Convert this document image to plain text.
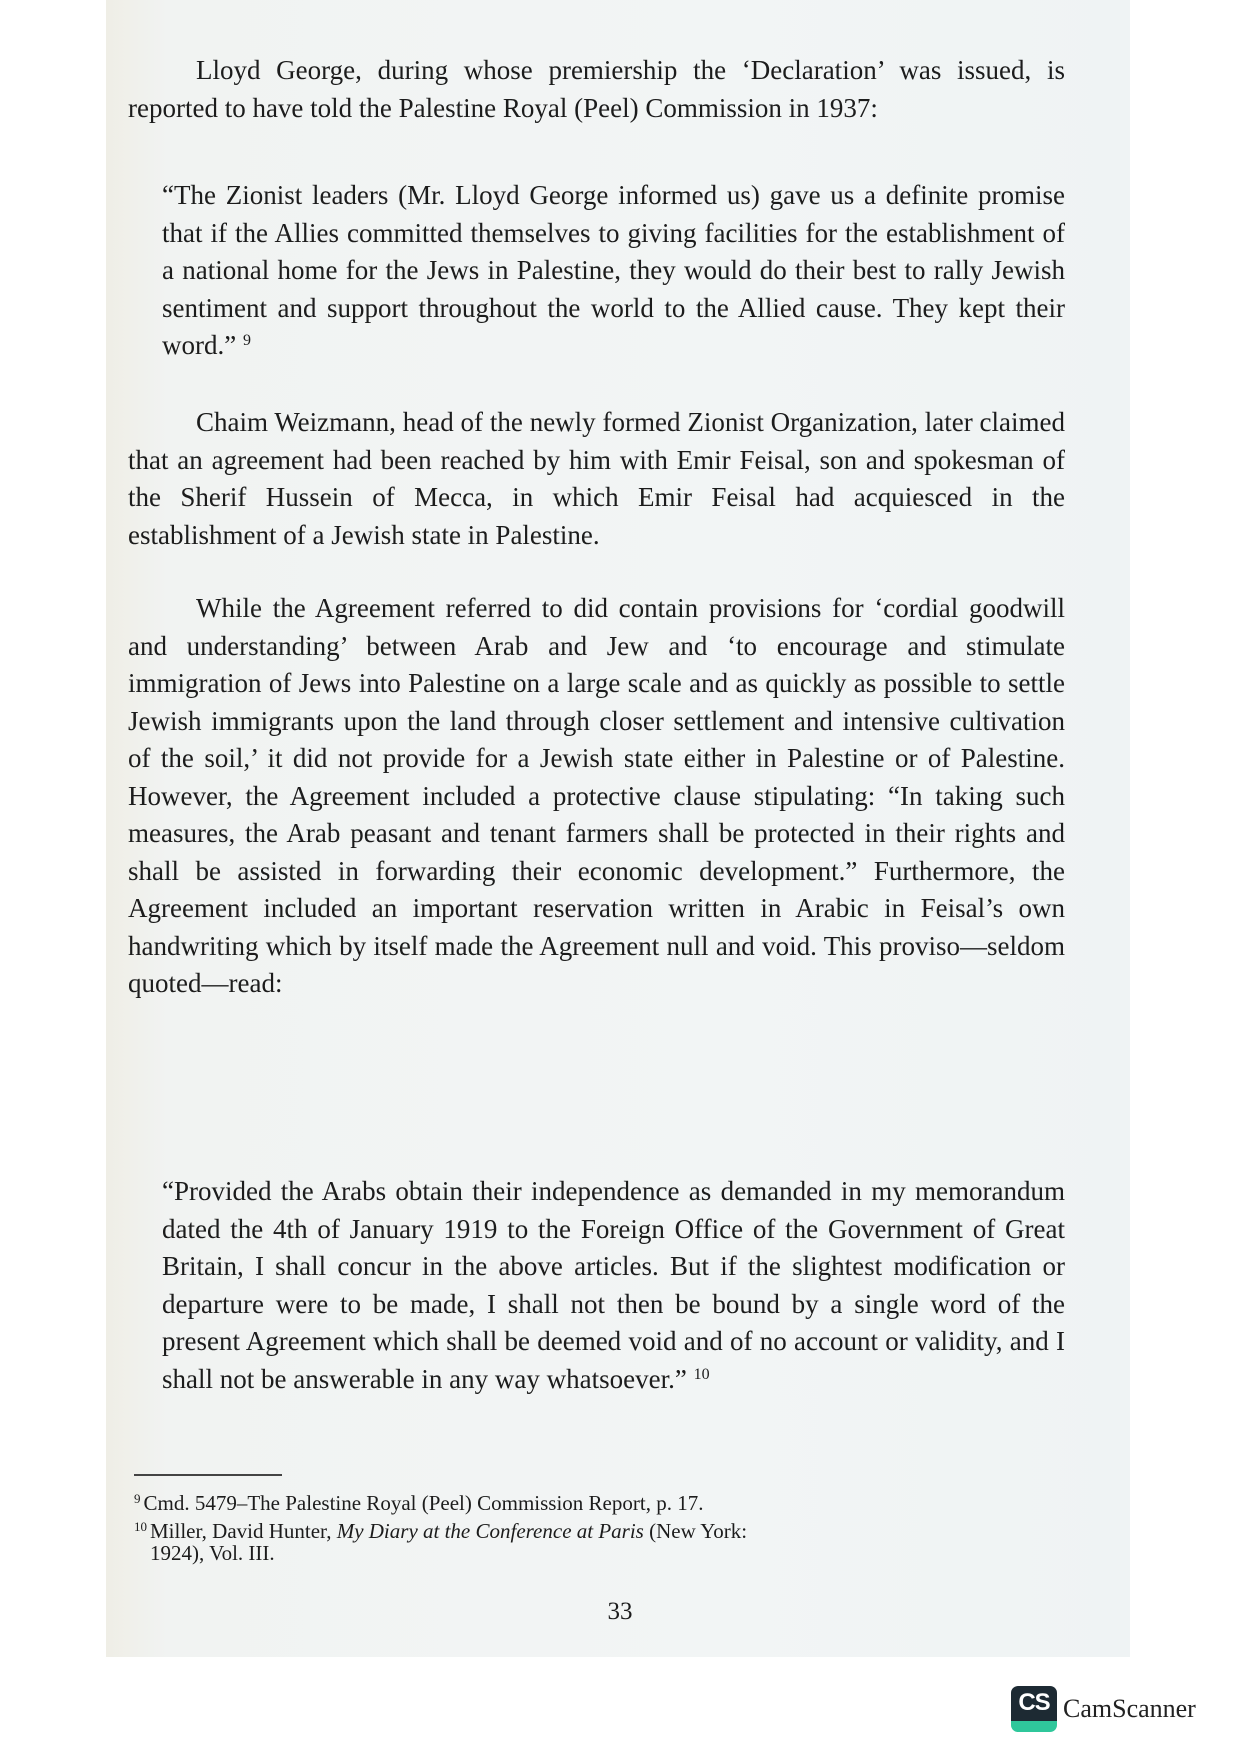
Lloyd George, during whose premiership the ‘Declaration’ was issued, is reported to have told the Palestine Royal (Peel) Commission in 1937:

“The Zionist leaders (Mr. Lloyd George informed us) gave us a definite promise that if the Allies committed themselves to giving facilities for the establishment of a national home for the Jews in Palestine, they would do their best to rally Jewish sentiment and support throughout the world to the Allied cause. They kept their word.” $^9$

Chaim Weizmann, head of the newly formed Zionist Organization, later claimed that an agreement had been reached by him with Emir Feisal, son and spokesman of the Sherif Hussein of Mecca, in which Emir Feisal had acquiesced in the establishment of a Jewish state in Palestine.

While the Agreement referred to did contain provisions for ‘cordial goodwill and understanding’ between Arab and Jew and ‘to encourage and stimulate immigration of Jews into Palestine on a large scale and as quickly as possible to settle Jewish immigrants upon the land through closer settlement and intensive cultivation of the soil,’ it did not provide for a Jewish state either in Palestine or of Palestine. However, the Agreement included a protective clause stipulating: “In taking such measures, the Arab peasant and tenant farmers shall be protected in their rights and shall be assisted in forwarding their economic development.” Furthermore, the Agreement included an important reservation written in Arabic in Feisal’s own handwriting which by itself made the Agreement null and void. This proviso—seldom quoted—read:

“Provided the Arabs obtain their independence as demanded in my memorandum dated the 4th of January 1919 to the Foreign Office of the Government of Great Britain, I shall concur in the above articles. But if the slightest modification or departure were to be made, I shall not then be bound by a single word of the present Agreement which shall be deemed void and of no account or validity, and I shall not be answerable in any way whatsoever.” $^{10}$

$^9$ Cmd. 5479–The Palestine Royal (Peel) Commission Report, p. 17.
$^{10}$ Miller, David Hunter, My Diary at the Conference at Paris (New York:
1924), Vol. III.
33
CS CamScanner
